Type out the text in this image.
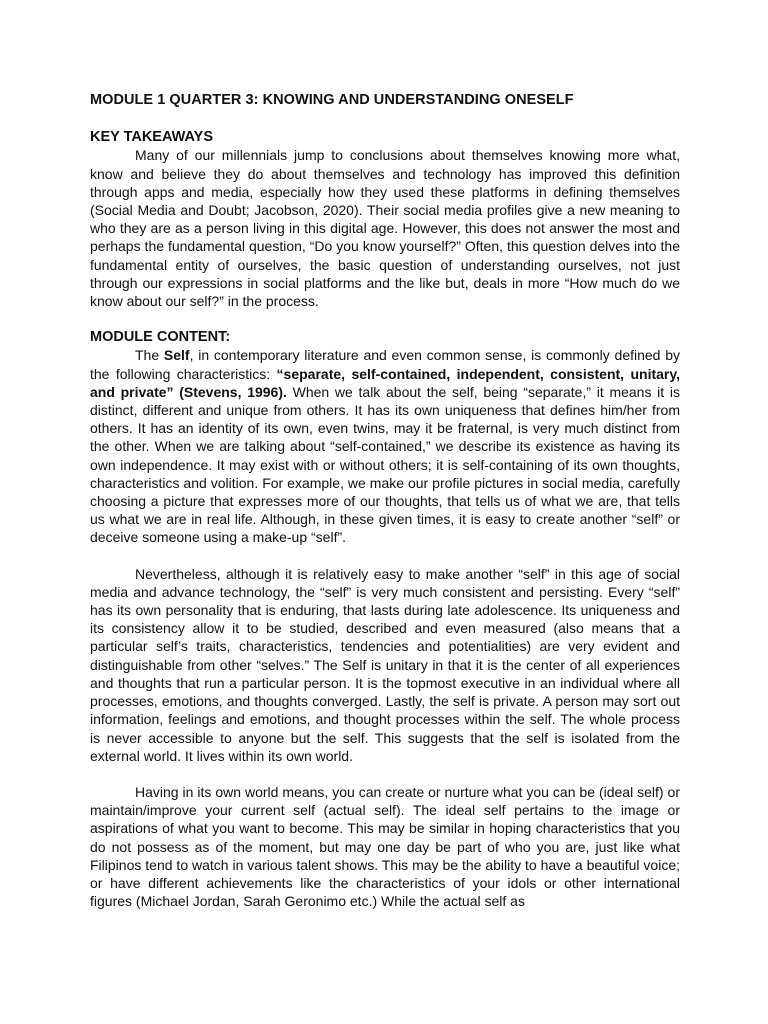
MODULE 1 QUARTER 3: KNOWING AND UNDERSTANDING ONESELF
KEY TAKEAWAYS

Many of our millennials jump to conclusions about themselves knowing more what, know and believe they do about themselves and technology has improved this definition through apps and media, especially how they used these platforms in defining themselves (Social Media and Doubt; Jacobson, 2020). Their social media profiles give a new meaning to who they are as a person living in this digital age. However, this does not answer the most and perhaps the fundamental question, “Do you know yourself?” Often, this question delves into the fundamental entity of ourselves, the basic question of understanding ourselves, not just through our expressions in social platforms and the like but, deals in more “How much do we know about our self?” in the process.

MODULE CONTENT:

The Self, in contemporary literature and even common sense, is commonly defined by the following characteristics: “separate, self-contained, independent, consistent, unitary, and private” (Stevens, 1996). When we talk about the self, being “separate,” it means it is distinct, different and unique from others. It has its own uniqueness that defines him/her from others. It has an identity of its own, even twins, may it be fraternal, is very much distinct from the other. When we are talking about “self-contained,” we describe its existence as having its own independence. It may exist with or without others; it is self-containing of its own thoughts, characteristics and volition. For example, we make our profile pictures in social media, carefully choosing a picture that expresses more of our thoughts, that tells us of what we are, that tells us what we are in real life. Although, in these given times, it is easy to create another “self” or deceive someone using a make-up “self”.

Nevertheless, although it is relatively easy to make another “self” in this age of social media and advance technology, the “self” is very much consistent and persisting. Every “self” has its own personality that is enduring, that lasts during late adolescence. Its uniqueness and its consistency allow it to be studied, described and even measured (also means that a particular self’s traits, characteristics, tendencies and potentialities) are very evident and distinguishable from other “selves.” The Self is unitary in that it is the center of all experiences and thoughts that run a particular person. It is the topmost executive in an individual where all processes, emotions, and thoughts converged. Lastly, the self is private. A person may sort out information, feelings and emotions, and thought processes within the self. The whole process is never accessible to anyone but the self. This suggests that the self is isolated from the external world. It lives within its own world.

Having in its own world means, you can create or nurture what you can be (ideal self) or maintain/improve your current self (actual self). The ideal self pertains to the image or aspirations of what you want to become. This may be similar in hoping characteristics that you do not possess as of the moment, but may one day be part of who you are, just like what Filipinos tend to watch in various talent shows. This may be the ability to have a beautiful voice; or have different achievements like the characteristics of your idols or other international figures (Michael Jordan, Sarah Geronimo etc.) While the actual self as
